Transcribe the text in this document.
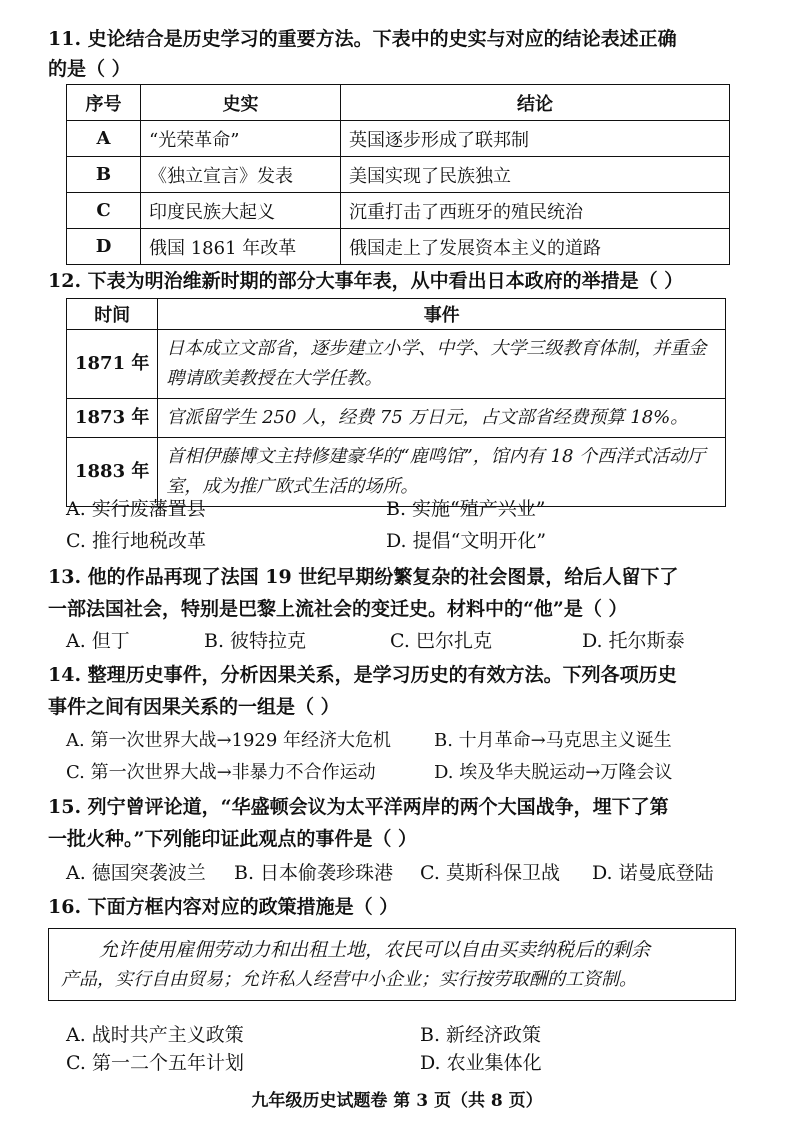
11. 史论结合是历史学习的重要方法。下表中的史实与对应的结论表述正确
的是（ ）
序号	史实	结论
A	“光荣革命”	英国逐步形成了联邦制
B	《独立宣言》发表	美国实现了民族独立
C	印度民族大起义	沉重打击了西班牙的殖民统治
D	俄国 1861 年改革	俄国走上了发展资本主义的道路
12. 下表为明治维新时期的部分大事年表，从中看出日本政府的举措是（ ）
时间	事件
1871 年	日本成立文部省，逐步建立小学、中学、大学三级教育体制，并重金聘请欧美教授在大学任教。
1873 年	官派留学生 250 人，经费 75 万日元，占文部省经费预算 18%。
1883 年	首相伊藤博文主持修建豪华的“鹿鸣馆”，馆内有 18 个西洋式活动厅室，成为推广欧式生活的场所。
A. 实行废藩置县	B. 实施“殖产兴业”
C. 推行地税改革	D. 提倡“文明开化”
13. 他的作品再现了法国 19 世纪早期纷繁复杂的社会图景，给后人留下了
一部法国社会，特别是巴黎上流社会的变迁史。材料中的“他”是（ ）
A. 但丁	B. 彼特拉克	C. 巴尔扎克	D. 托尔斯泰
14. 整理历史事件，分析因果关系，是学习历史的有效方法。下列各项历史
事件之间有因果关系的一组是（ ）
A. 第一次世界大战→1929 年经济大危机 B. 十月革命→马克思主义诞生
C. 第一次世界大战→非暴力不合作运动	D. 埃及华夫脱运动→万隆会议
15. 列宁曾评论道，“华盛顿会议为太平洋两岸的两个大国战争，埋下了第
一批火种。”下列能印证此观点的事件是（ ）
A. 德国突袭波兰 B. 日本偷袭珍珠港 C. 莫斯科保卫战 D. 诺曼底登陆
16. 下面方框内容对应的政策措施是（ ）
允许使用雇佣劳动力和出租土地，农民可以自由买卖纳税后的剩余
产品，实行自由贸易；允许私人经营中小企业；实行按劳取酬的工资制。
A. 战时共产主义政策	B. 新经济政策
C. 第一二个五年计划	D. 农业集体化
九年级历史试题卷 第 3 页（共 8 页）
